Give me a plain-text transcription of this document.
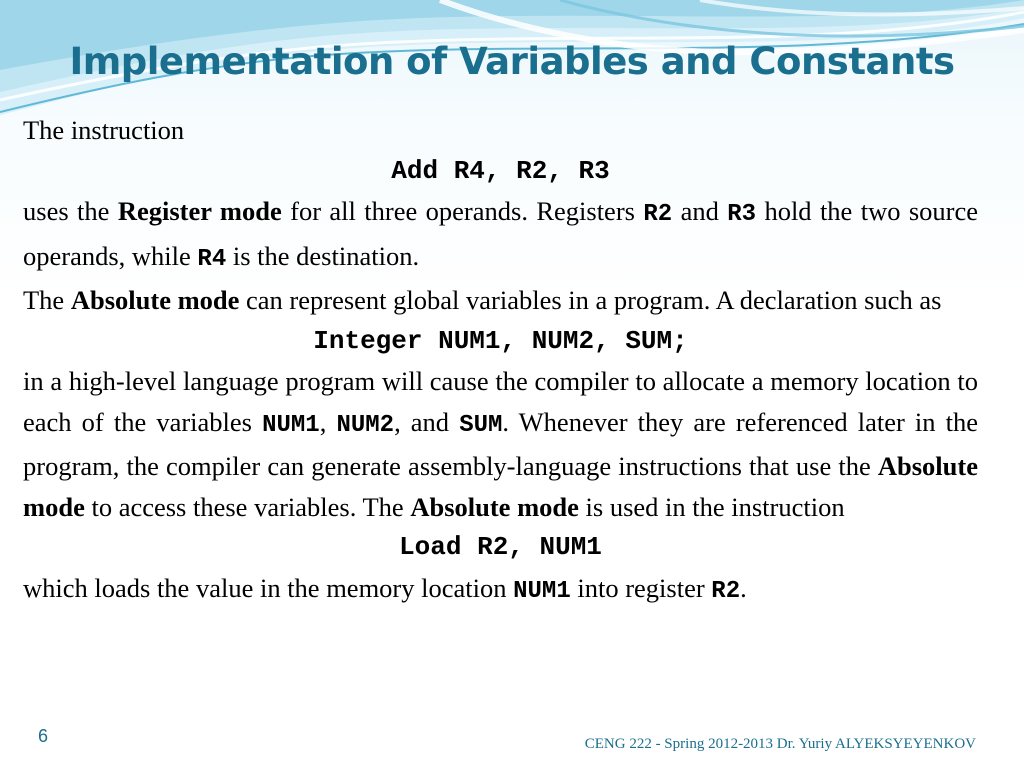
Implementation of Variables and Constants

The instruction

Add R4, R2, R3

uses the Register mode for all three operands. Registers R2 and R3 hold the two source operands, while R4 is the destination.

The Absolute mode can represent global variables in a program. A declaration such as

Integer NUM1, NUM2, SUM;

in a high-level language program will cause the compiler to allocate a memory location to each of the variables NUM1, NUM2, and SUM. Whenever they are referenced later in the program, the compiler can generate assembly-language instructions that use the Absolute mode to access these variables. The Absolute mode is used in the instruction

Load R2, NUM1

which loads the value in the memory location NUM1 into register R2.

6	CENG 222 - Spring 2012-2013 Dr. Yuriy ALYEKSYEYENKOV
